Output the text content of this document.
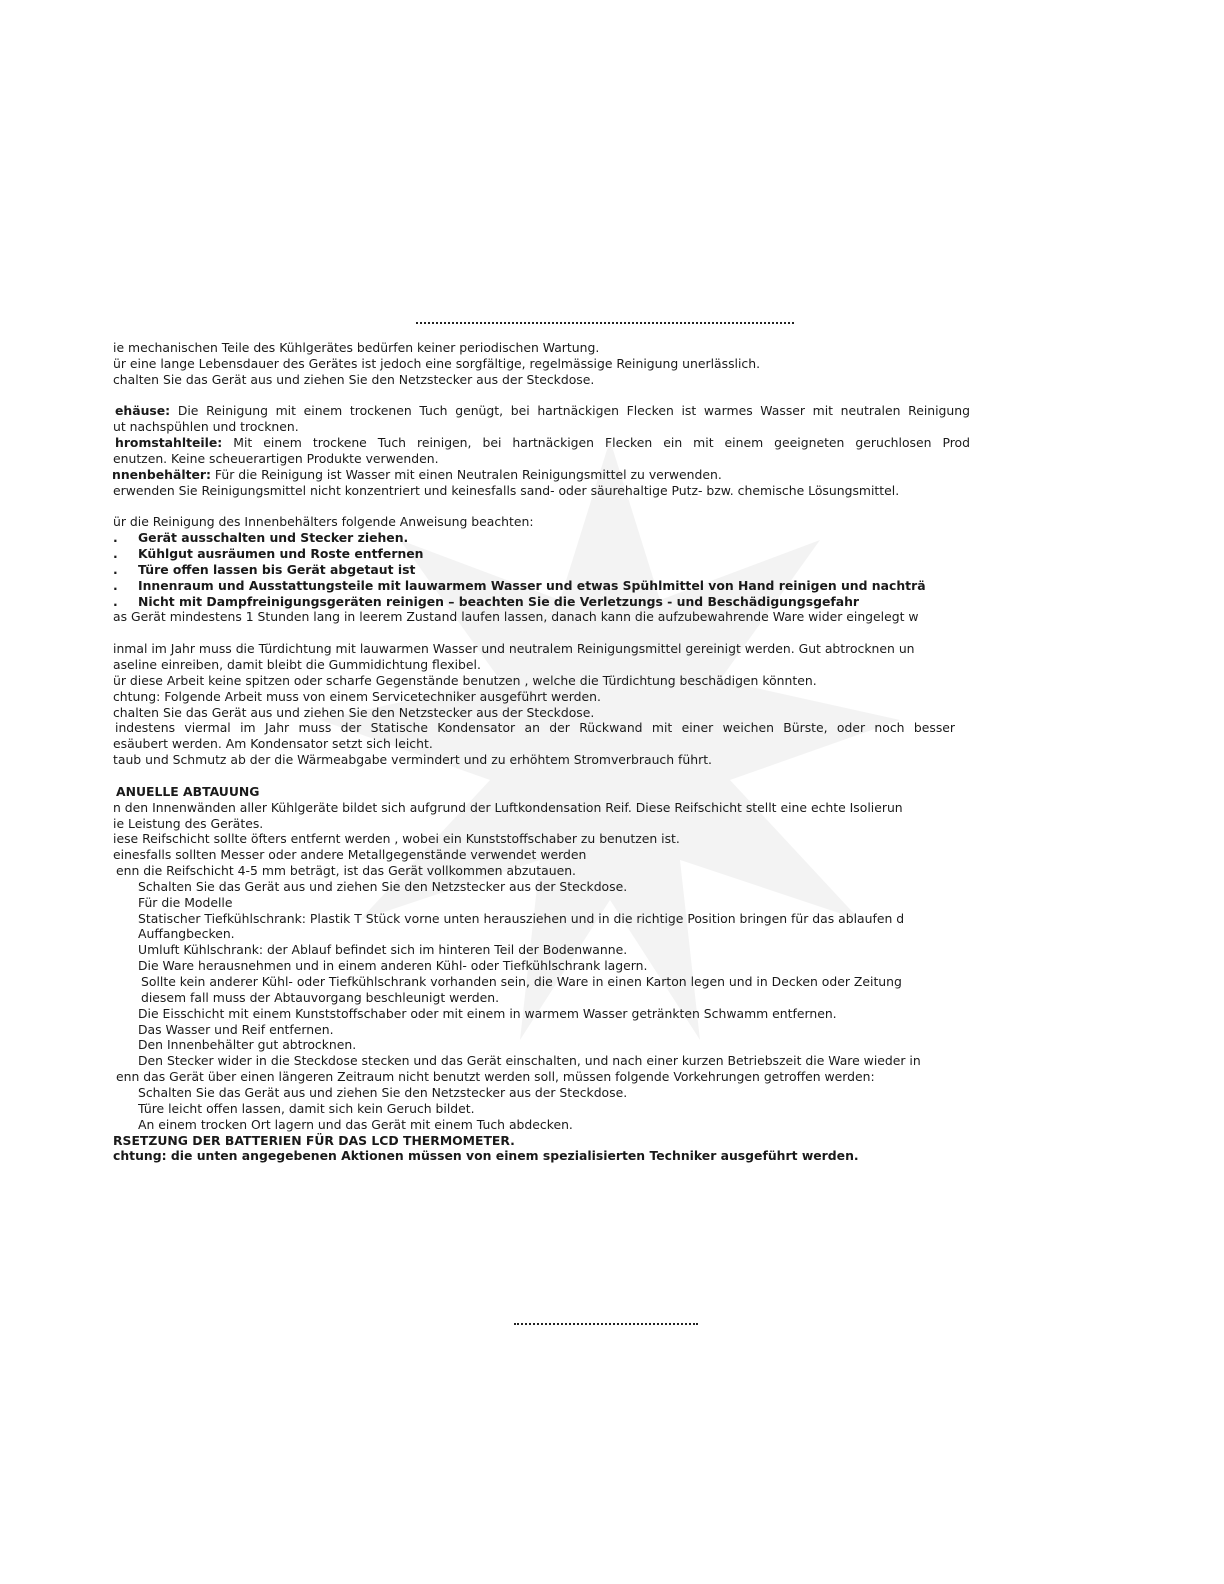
ie mechanischen Teile des Kühlgerätes bedürfen keiner periodischen Wartung.
ür eine lange Lebensdauer des Gerätes ist jedoch eine sorgfältige, regelmässige Reinigung unerlässlich.
chalten Sie das Gerät aus und ziehen Sie den Netzstecker aus der Steckdose.
ehäuse: Die Reinigung mit einem trockenen Tuch genügt, bei hartnäckigen Flecken ist warmes Wasser mit neutralen Reinigung
ut nachspühlen und trocknen.
hromstahlteile: Mit einem trockene Tuch reinigen, bei hartnäckigen Flecken ein mit einem geeigneten geruchlosen Prod
enutzen. Keine scheuerartigen Produkte verwenden.
nnenbehälter: Für die Reinigung ist Wasser mit einen Neutralen Reinigungsmittel zu verwenden.
erwenden Sie Reinigungsmittel nicht konzentriert und keinesfalls sand- oder säurehaltige Putz- bzw. chemische Lösungsmittel.
ür die Reinigung des Innenbehälters folgende Anweisung beachten:
. Gerät ausschalten und Stecker ziehen.
. Kühlgut ausräumen und Roste entfernen
. Türe offen lassen bis Gerät abgetaut ist
. Innenraum und Ausstattungsteile mit lauwarmem Wasser und etwas Spühlmittel von Hand reinigen und nachträ
. Nicht mit Dampfreinigungsgeräten reinigen – beachten Sie die Verletzungs - und Beschädigungsgefahr
as Gerät mindestens 1 Stunden lang in leerem Zustand laufen lassen, danach kann die aufzubewahrende Ware wider eingelegt w
inmal im Jahr muss die Türdichtung mit lauwarmen Wasser und neutralem Reinigungsmittel gereinigt werden. Gut abtrocknen un
aseline einreiben, damit bleibt die Gummidichtung flexibel.
ür diese Arbeit keine spitzen oder scharfe Gegenstände benutzen , welche die Türdichtung beschädigen könnten.
chtung: Folgende Arbeit muss von einem Servicetechniker ausgeführt werden.
chalten Sie das Gerät aus und ziehen Sie den Netzstecker aus der Steckdose.
indestens viermal im Jahr muss der Statische Kondensator an der Rückwand mit einer weichen Bürste, oder noch besser
esäubert werden. Am Kondensator setzt sich leicht.
taub und Schmutz ab der die Wärmeabgabe vermindert und zu erhöhtem Stromverbrauch führt.
ANUELLE ABTAUUNG
n den Innenwänden aller Kühlgeräte bildet sich aufgrund der Luftkondensation Reif. Diese Reifschicht stellt eine echte Isolierun
ie Leistung des Gerätes.
iese Reifschicht sollte öfters entfernt werden , wobei ein Kunststoffschaber zu benutzen ist.
einesfalls sollten Messer oder andere Metallgegenstände verwendet werden
enn die Reifschicht 4-5 mm beträgt, ist das Gerät vollkommen abzutauen.
Schalten Sie das Gerät aus und ziehen Sie den Netzstecker aus der Steckdose.
Für die Modelle
Statischer Tiefkühlschrank: Plastik T Stück vorne unten herausziehen und in die richtige Position bringen für das ablaufen d
Auffangbecken.
Umluft Kühlschrank: der Ablauf befindet sich im hinteren Teil der Bodenwanne.
Die Ware herausnehmen und in einem anderen Kühl- oder Tiefkühlschrank lagern.
Sollte kein anderer Kühl- oder Tiefkühlschrank vorhanden sein, die Ware in einen Karton legen und in Decken oder Zeitung
diesem fall muss der Abtauvorgang beschleunigt werden.
Die Eisschicht mit einem Kunststoffschaber oder mit einem in warmem Wasser getränkten Schwamm entfernen.
Das Wasser und Reif entfernen.
Den Innenbehälter gut abtrocknen.
Den Stecker wider in die Steckdose stecken und das Gerät einschalten, und nach einer kurzen Betriebszeit die Ware wieder in
enn das Gerät über einen längeren Zeitraum nicht benutzt werden soll, müssen folgende Vorkehrungen getroffen werden:
Schalten Sie das Gerät aus und ziehen Sie den Netzstecker aus der Steckdose.
Türe leicht offen lassen, damit sich kein Geruch bildet.
An einem trocken Ort lagern und das Gerät mit einem Tuch abdecken.
RSETZUNG DER BATTERIEN FÜR DAS LCD THERMOMETER.
chtung: die unten angegebenen Aktionen müssen von einem spezialisierten Techniker ausgeführt werden.
